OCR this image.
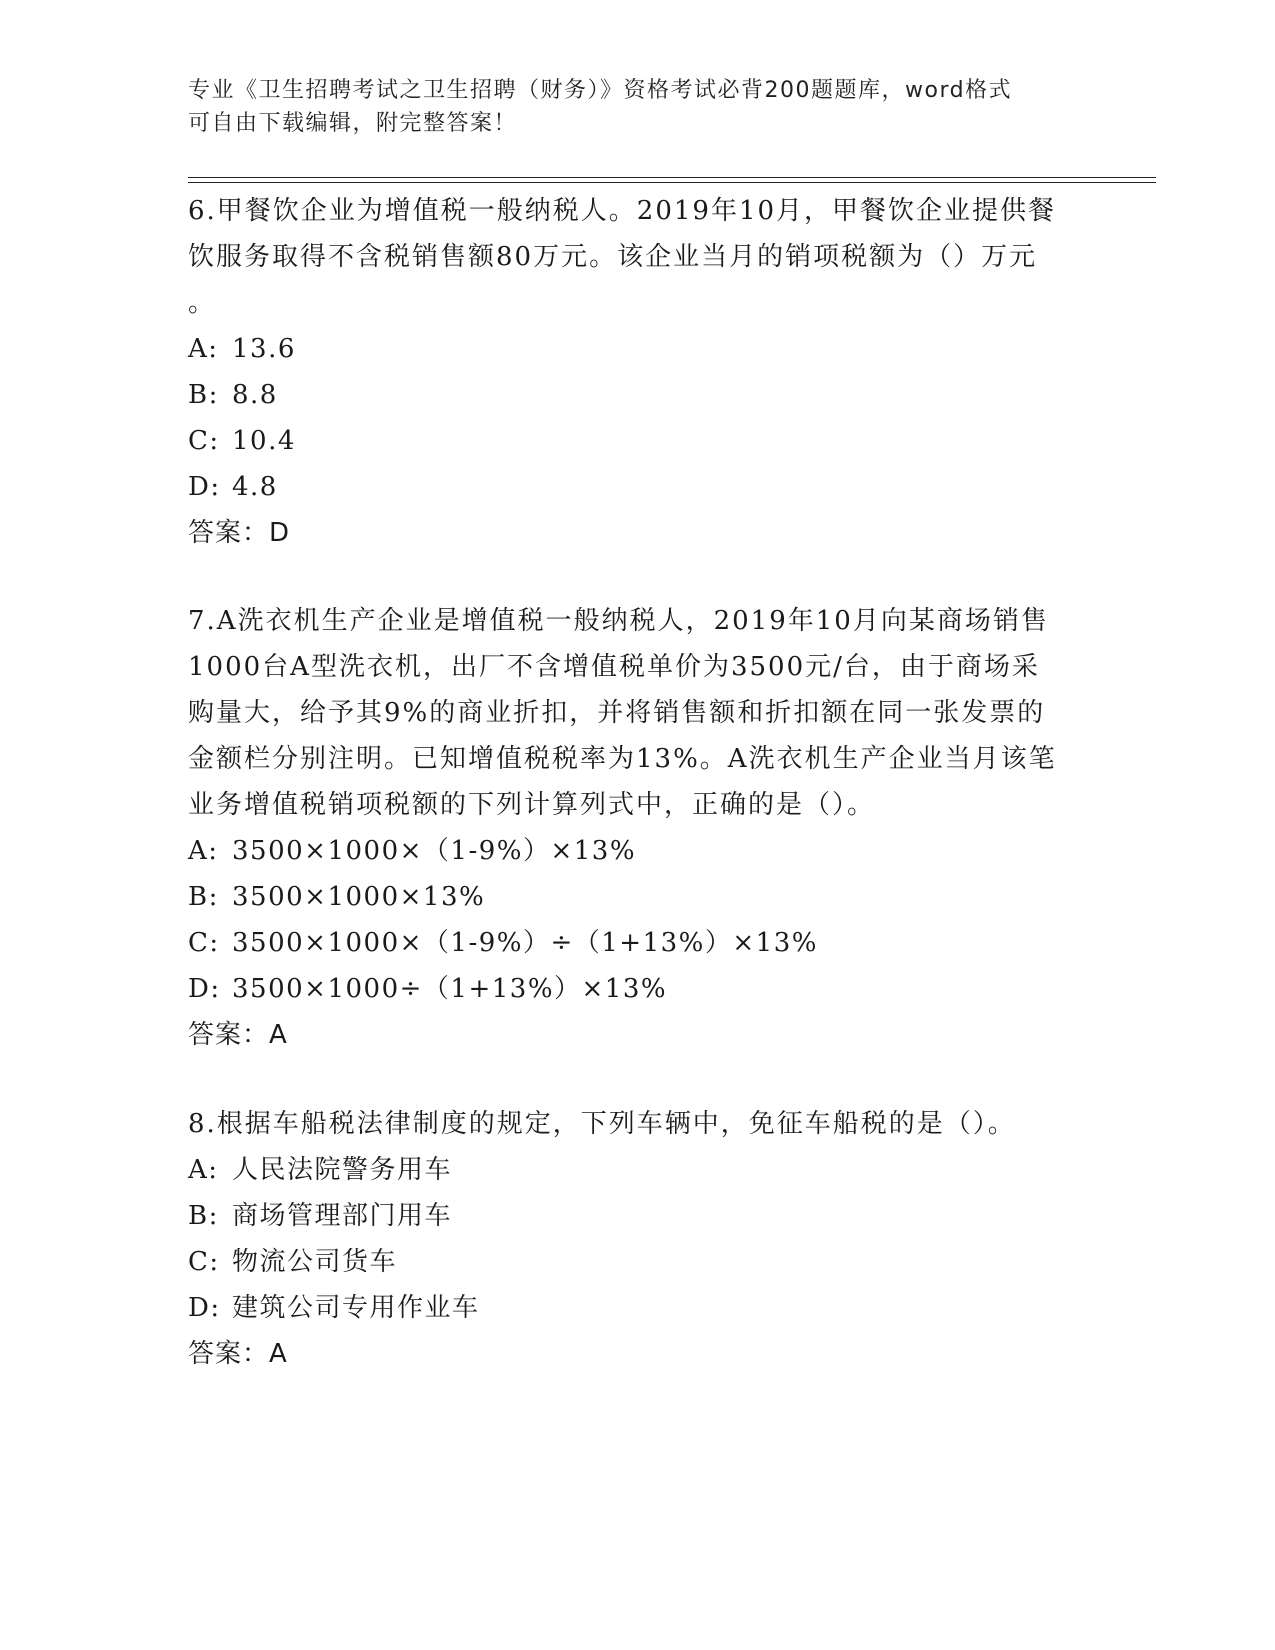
专业《卫生招聘考试之卫生招聘（财务）》资格考试必背200题题库，word格式

可自由下载编辑，附完整答案！

6.甲餐饮企业为增值税一般纳税人。2019年10月，甲餐饮企业提供餐

饮服务取得不含税销售额80万元。该企业当月的销项税额为（）万元

。

A: 13.6

B: 8.8

C: 10.4

D: 4.8

答案：D

7.A洗衣机生产企业是增值税一般纳税人，2019年10月向某商场销售

1000台A型洗衣机，出厂不含增值税单价为3500元/台，由于商场采

购量大，给予其9%的商业折扣，并将销售额和折扣额在同一张发票的

金额栏分别注明。已知增值税税率为13%。A洗衣机生产企业当月该笔

业务增值税销项税额的下列计算列式中，正确的是（）。

A: 3500×1000×（1-9%）×13%

B: 3500×1000×13%

C: 3500×1000×（1-9%）÷（1+13%）×13%

D: 3500×1000÷（1+13%）×13%

答案：A

8.根据车船税法律制度的规定，下列车辆中，免征车船税的是（）。

A: 人民法院警务用车

B: 商场管理部门用车

C: 物流公司货车

D: 建筑公司专用作业车

答案：A
